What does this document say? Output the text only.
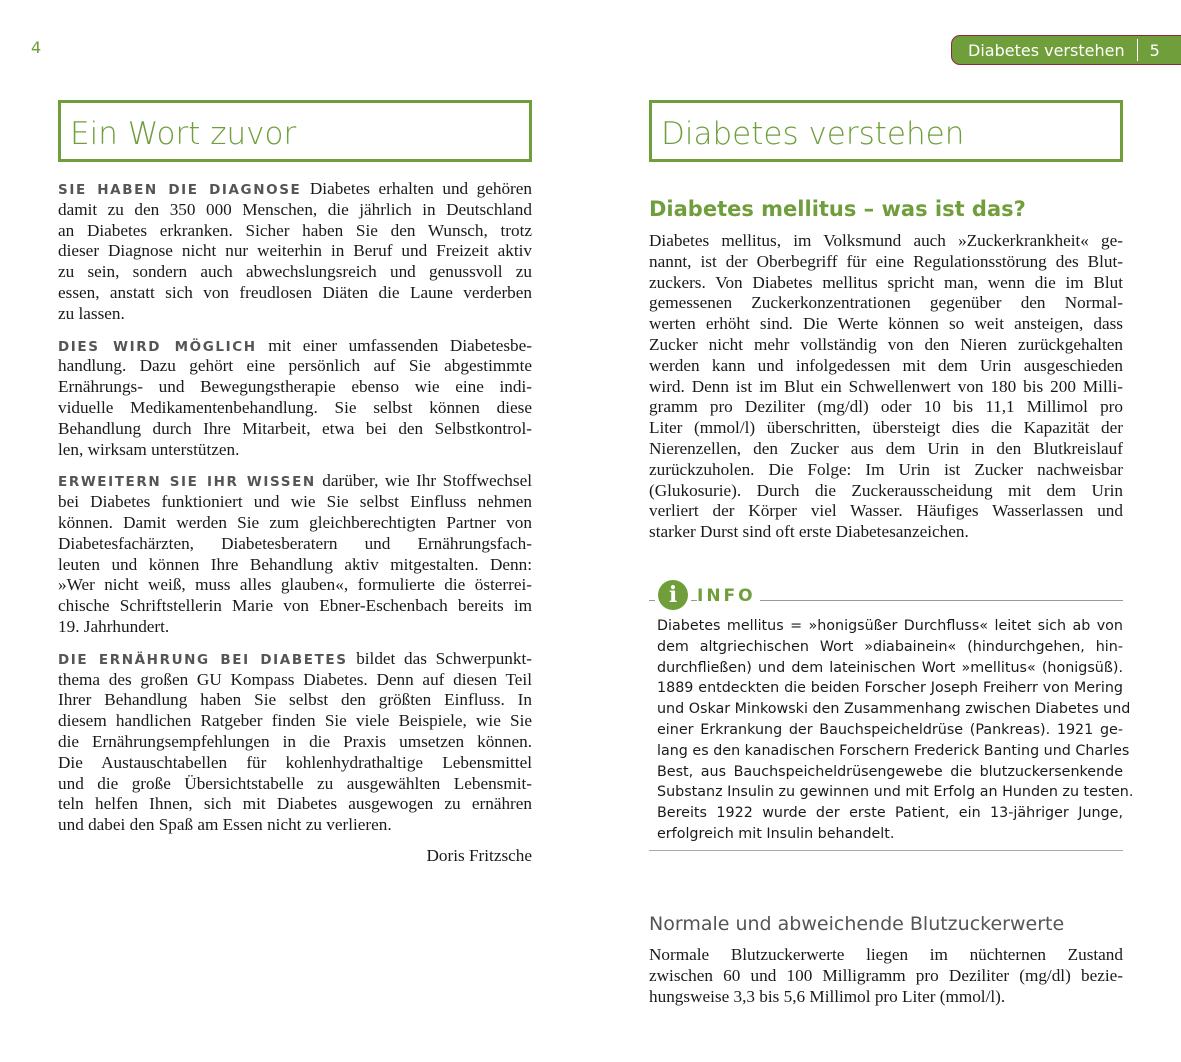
4	Diabetes verstehen 5
Ein Wort zuvor	Diabetes verstehen
SIE HABEN DIE DIAGNOSE Diabetes erhalten und gehören
damit zu den 350 000 Menschen, die jährlich in Deutschland
an Diabetes erkranken. Sicher haben Sie den Wunsch, trotz
dieser Diagnose nicht nur weiterhin in Beruf und Freizeit aktiv
zu sein, sondern auch abwechslungsreich und genussvoll zu
essen, anstatt sich von freudlosen Diäten die Laune verderben
zu lassen.
DIES WIRD MÖGLICH mit einer umfassenden Diabetesbe-
handlung. Dazu gehört eine persönlich auf Sie abgestimmte
Ernährungs- und Bewegungstherapie ebenso wie eine indi-
viduelle Medikamentenbehandlung. Sie selbst können diese
Behandlung durch Ihre Mitarbeit, etwa bei den Selbstkontrol-
len, wirksam unterstützen.
ERWEITERN SIE IHR WISSEN darüber, wie Ihr Stoffwechsel
bei Diabetes funktioniert und wie Sie selbst Einfluss nehmen
können. Damit werden Sie zum gleichberechtigten Partner von
Diabetesfachärzten, Diabetesberatern und Ernährungsfach-
leuten und können Ihre Behandlung aktiv mitgestalten. Denn:
»Wer nicht weiß, muss alles glauben«, formulierte die österrei-
chische Schriftstellerin Marie von Ebner-Eschenbach bereits im
19. Jahrhundert.
DIE ERNÄHRUNG BEI DIABETES bildet das Schwerpunkt-
thema des großen GU Kompass Diabetes. Denn auf diesen Teil
Ihrer Behandlung haben Sie selbst den größten Einfluss. In
diesem handlichen Ratgeber finden Sie viele Beispiele, wie Sie
die Ernährungsempfehlungen in die Praxis umsetzen können.
Die Austauschtabellen für kohlenhydrathaltige Lebensmittel
und die große Übersichtstabelle zu ausgewählten Lebensmit-
teln helfen Ihnen, sich mit Diabetes ausgewogen zu ernähren
und dabei den Spaß am Essen nicht zu verlieren.
Doris Fritzsche
Diabetes mellitus – was ist das?
Diabetes mellitus, im Volksmund auch »Zuckerkrankheit« ge-
nannt, ist der Oberbegriff für eine Regulationsstörung des Blut-
zuckers. Von Diabetes mellitus spricht man, wenn die im Blut
gemessenen Zuckerkonzentrationen gegenüber den Normal-
werten erhöht sind. Die Werte können so weit ansteigen, dass
Zucker nicht mehr vollständig von den Nieren zurückgehalten
werden kann und infolgedessen mit dem Urin ausgeschieden
wird. Denn ist im Blut ein Schwellenwert von 180 bis 200 Milli-
gramm pro Deziliter (mg/dl) oder 10 bis 11,1 Millimol pro
Liter (mmol/l) überschritten, übersteigt dies die Kapazität der
Nierenzellen, den Zucker aus dem Urin in den Blutkreislauf
zurückzuholen. Die Folge: Im Urin ist Zucker nachweisbar
(Glukosurie). Durch die Zuckerausscheidung mit dem Urin
verliert der Körper viel Wasser. Häufiges Wasserlassen und
starker Durst sind oft erste Diabetesanzeichen.
i	INFO
Diabetes mellitus = »honigsüßer Durchfluss« leitet sich ab von
dem altgriechischen Wort »diabainein« (hindurchgehen, hin-
durchfließen) und dem lateinischen Wort »mellitus« (honigsüß).
1889 entdeckten die beiden Forscher Joseph Freiherr von Mering
und Oskar Minkowski den Zusammenhang zwischen Diabetes und
einer Erkrankung der Bauchspeicheldrüse (Pankreas). 1921 ge-
lang es den kanadischen Forschern Frederick Banting und Charles
Best, aus Bauchspeicheldrüsengewebe die blutzuckersenkende
Substanz Insulin zu gewinnen und mit Erfolg an Hunden zu testen.
Bereits 1922 wurde der erste Patient, ein 13-jähriger Junge,
erfolgreich mit Insulin behandelt.
Normale und abweichende Blutzuckerwerte
Normale Blutzuckerwerte liegen im nüchternen Zustand
zwischen 60 und 100 Milligramm pro Deziliter (mg/dl) bezie-
hungsweise 3,3 bis 5,6 Millimol pro Liter (mmol/l).
